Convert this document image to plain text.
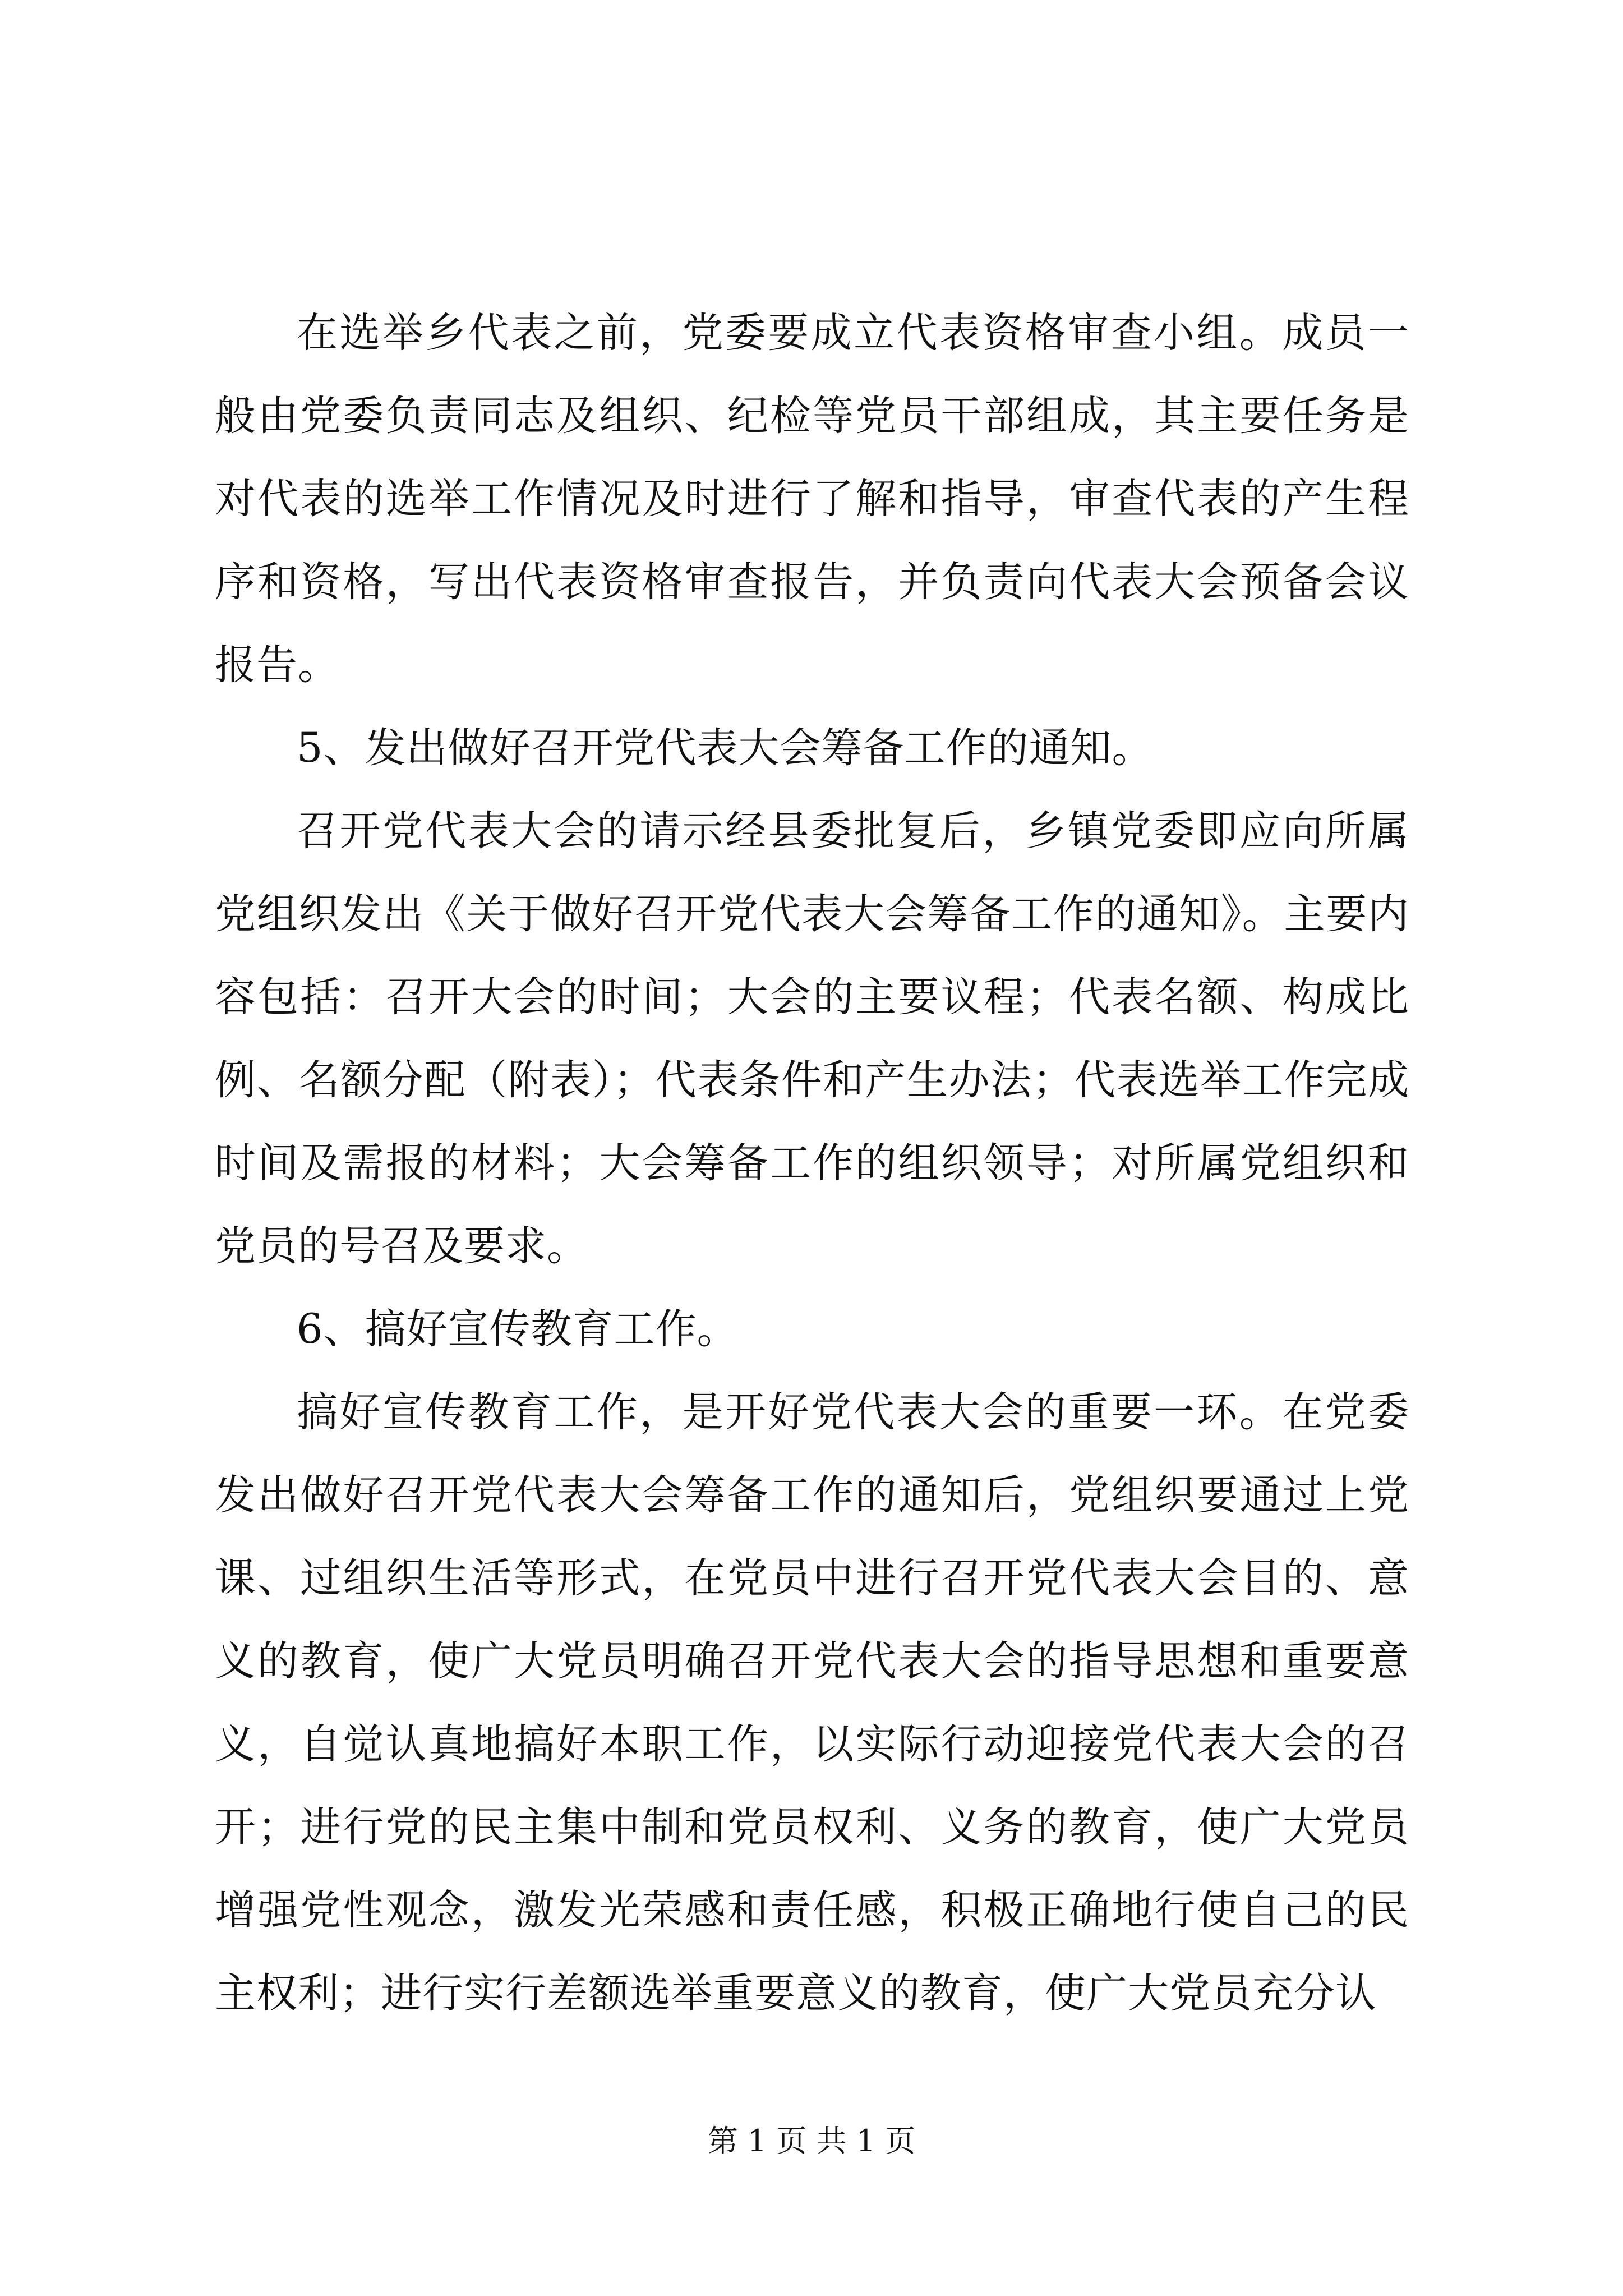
在选举乡代表之前，党委要成立代表资格审查小组。成员一般由党委负责同志及组织、纪检等党员干部组成，其主要任务是对代表的选举工作情况及时进行了解和指导，审查代表的产生程序和资格，写出代表资格审查报告，并负责向代表大会预备会议报告。

5、发出做好召开党代表大会筹备工作的通知。

召开党代表大会的请示经县委批复后，乡镇党委即应向所属党组织发出《关于做好召开党代表大会筹备工作的通知》。主要内容包括：召开大会的时间；大会的主要议程；代表名额、构成比例、名额分配（附表）；代表条件和产生办法；代表选举工作完成时间及需报的材料；大会筹备工作的组织领导；对所属党组织和党员的号召及要求。

6、搞好宣传教育工作。

搞好宣传教育工作，是开好党代表大会的重要一环。在党委发出做好召开党代表大会筹备工作的通知后，党组织要通过上党课、过组织生活等形式，在党员中进行召开党代表大会目的、意义的教育，使广大党员明确召开党代表大会的指导思想和重要意义，自觉认真地搞好本职工作，以实际行动迎接党代表大会的召开；进行党的民主集中制和党员权利、义务的教育，使广大党员增强党性观念，激发光荣感和责任感，积极正确地行使自己的民主权利；进行实行差额选举重要意义的教育，使广大党员充分认

第 1 页 共 1 页
